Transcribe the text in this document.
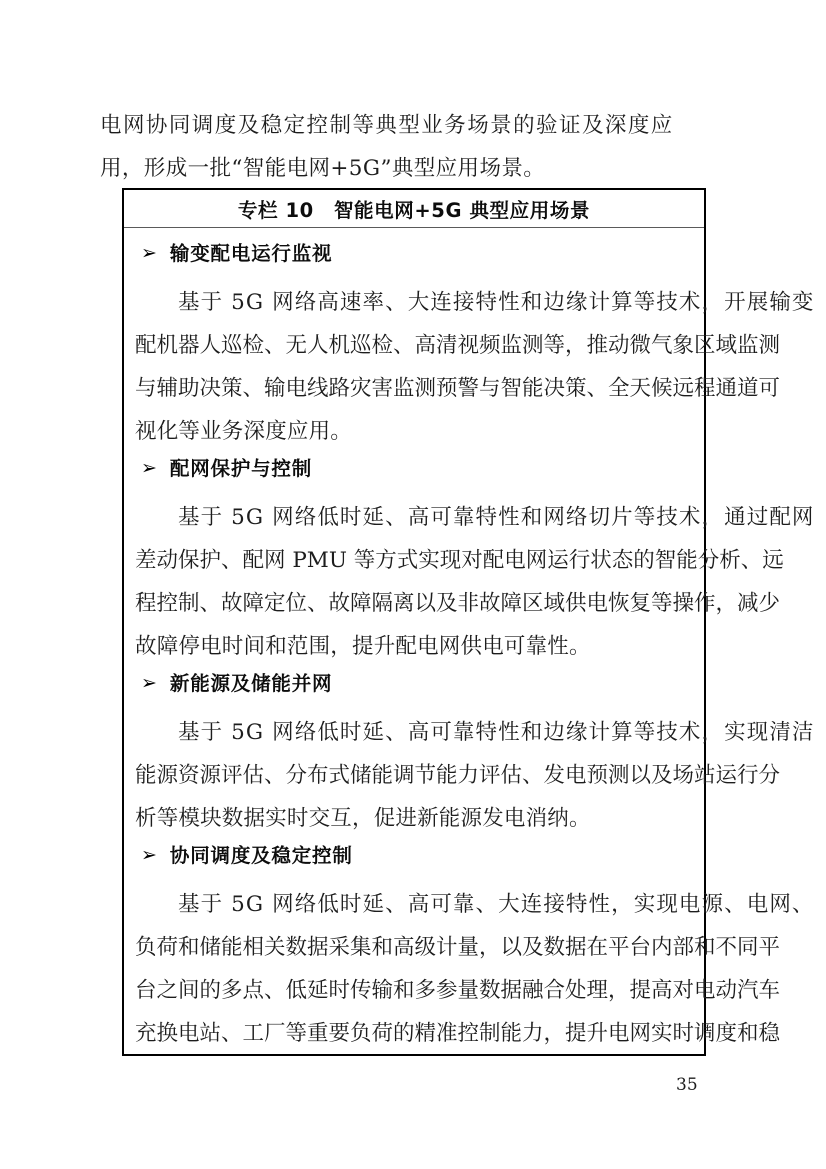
电网协同调度及稳定控制等典型业务场景的验证及深度应
用，形成一批“智能电网+5G”典型应用场景。
专栏 10　智能电网+5G 典型应用场景
➢ 输变配电运行监视
基于 5G 网络高速率、大连接特性和边缘计算等技术，开展输变
配机器人巡检、无人机巡检、高清视频监测等，推动微气象区域监测
与辅助决策、输电线路灾害监测预警与智能决策、全天候远程通道可
视化等业务深度应用。
➢ 配网保护与控制
基于 5G 网络低时延、高可靠特性和网络切片等技术，通过配网
差动保护、配网 PMU 等方式实现对配电网运行状态的智能分析、远
程控制、故障定位、故障隔离以及非故障区域供电恢复等操作，减少
故障停电时间和范围，提升配电网供电可靠性。
➢ 新能源及储能并网
基于 5G 网络低时延、高可靠特性和边缘计算等技术，实现清洁
能源资源评估、分布式储能调节能力评估、发电预测以及场站运行分
析等模块数据实时交互，促进新能源发电消纳。
➢ 协同调度及稳定控制
基于 5G 网络低时延、高可靠、大连接特性，实现电源、电网、
负荷和储能相关数据采集和高级计量，以及数据在平台内部和不同平
台之间的多点、低延时传输和多参量数据融合处理，提高对电动汽车
充换电站、工厂等重要负荷的精准控制能力，提升电网实时调度和稳
35
